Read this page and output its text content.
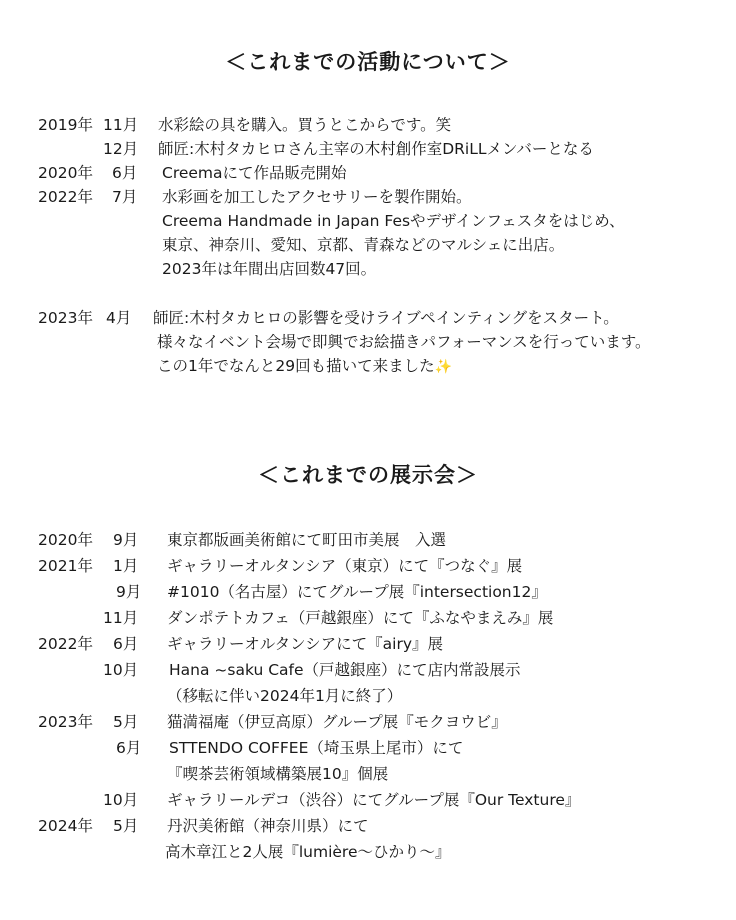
＜これまでの活動について＞
2019年 11月 水彩絵の具を購入。買うとこからです。笑
12月 師匠:木村タカヒロさん主宰の木村創作室DRiLLメンバーとなる
2020年 6月 Creemaにて作品販売開始
2022年 7月 水彩画を加工したアクセサリーを製作開始。
Creema Handmade in Japan Fesやデザインフェスタをはじめ、
東京、神奈川、愛知、京都、青森などのマルシェに出店。
2023年は年間出店回数47回。
2023年 4月 師匠:木村タカヒロの影響を受けライブペインティングをスタート。
様々なイベント会場で即興でお絵描きパフォーマンスを行っています。
この1年でなんと29回も描いて来ました✨
＜これまでの展示会＞
2020年 9月 東京都版画美術館にて町田市美展　入選
2021年 1月 ギャラリーオルタンシア（東京）にて『つなぐ』展
9月 #1010（名古屋）にてグループ展『intersection12』
11月 ダンポテトカフェ（戸越銀座）にて『ふなやまえみ』展
2022年 6月 ギャラリーオルタンシアにて『airy』展
10月 Hana ~saku Cafe（戸越銀座）にて店内常設展示
（移転に伴い2024年1月に終了）
2023年 5月 猫満福庵（伊豆高原）グループ展『モクヨウビ』
6月 STTENDO COFFEE（埼玉県上尾市）にて
『喫茶芸術領域構築展10』個展
10月 ギャラリールデコ（渋谷）にてグループ展『Our Texture』
2024年 5月 丹沢美術館（神奈川県）にて
高木章江と2人展『lumière〜ひかり〜』
